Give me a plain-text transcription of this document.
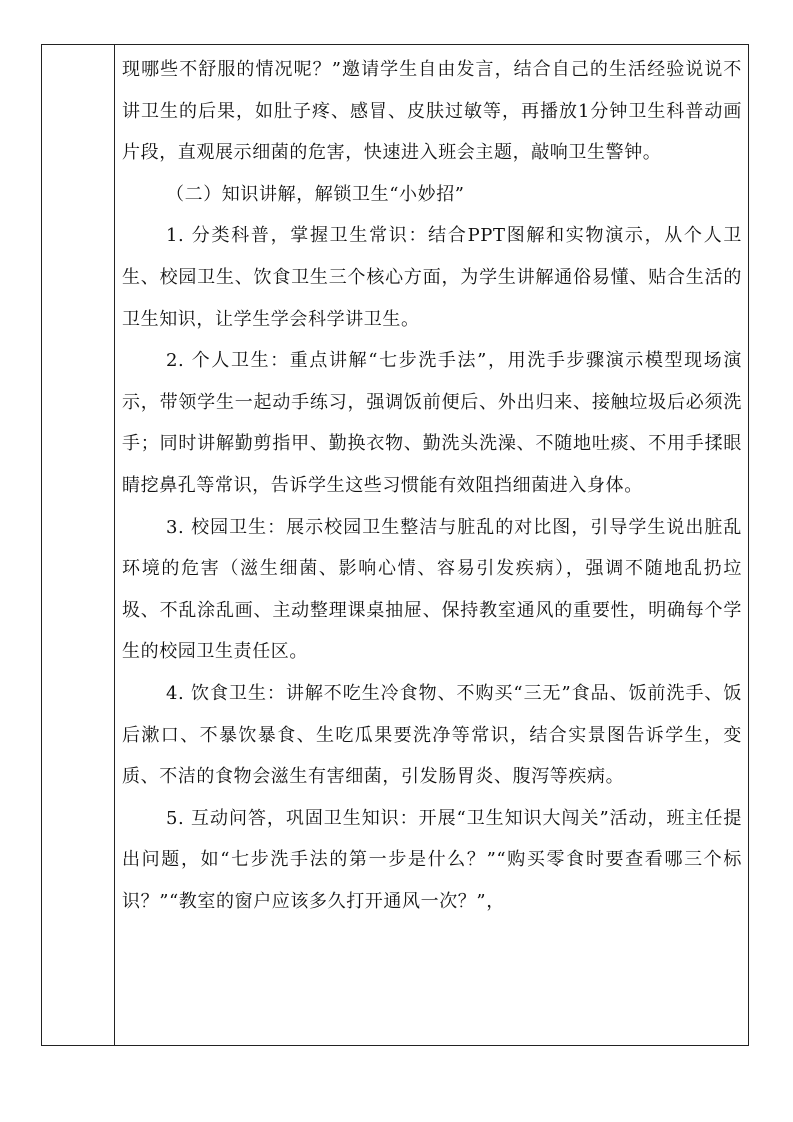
现哪些不舒服的情况呢？”邀请学生自由发言，结合自己的生活经验说说不讲卫生的后果，如肚子疼、感冒、皮肤过敏等，再播放1分钟卫生科普动画片段，直观展示细菌的危害，快速进入班会主题，敲响卫生警钟。

（二）知识讲解，解锁卫生“小妙招”

1. 分类科普，掌握卫生常识：结合PPT图解和实物演示，从个人卫生、校园卫生、饮食卫生三个核心方面，为学生讲解通俗易懂、贴合生活的卫生知识，让学生学会科学讲卫生。

2. 个人卫生：重点讲解“七步洗手法”，用洗手步骤演示模型现场演示，带领学生一起动手练习，强调饭前便后、外出归来、接触垃圾后必须洗手；同时讲解勤剪指甲、勤换衣物、勤洗头洗澡、不随地吐痰、不用手揉眼睛挖鼻孔等常识，告诉学生这些习惯能有效阻挡细菌进入身体。

3. 校园卫生：展示校园卫生整洁与脏乱的对比图，引导学生说出脏乱环境的危害（滋生细菌、影响心情、容易引发疾病），强调不随地乱扔垃圾、不乱涂乱画、主动整理课桌抽屉、保持教室通风的重要性，明确每个学生的校园卫生责任区。

4. 饮食卫生：讲解不吃生冷食物、不购买“三无”食品、饭前洗手、饭后漱口、不暴饮暴食、生吃瓜果要洗净等常识，结合实景图告诉学生，变质、不洁的食物会滋生有害细菌，引发肠胃炎、腹泻等疾病。

5. 互动问答，巩固卫生知识：开展“卫生知识大闯关”活动，班主任提出问题，如“七步洗手法的第一步是什么？”“购买零食时要查看哪三个标识？”“教室的窗户应该多久打开通风一次？”，
